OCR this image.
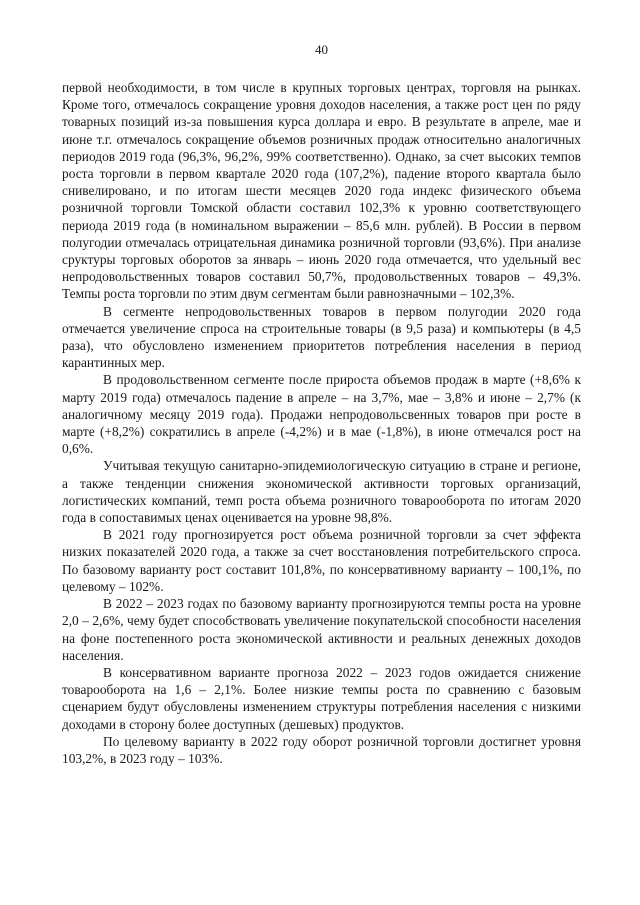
40

первой необходимости, в том числе в крупных торговых центрах, торговля на рынках. Кроме того, отмечалось сокращение уровня доходов населения, а также рост цен по ряду товарных позиций из-за повышения курса доллара и евро. В результате в апреле, мае и июне т.г. отмечалось сокращение объемов розничных продаж относительно аналогичных периодов 2019 года (96,3%, 96,2%, 99% соответственно). Однако, за счет высоких темпов роста торговли в первом квартале 2020 года (107,2%), падение второго квартала было снивелировано, и по итогам шести месяцев 2020 года индекс физического объема розничной торговли Томской области составил 102,3% к уровню соответствующего периода 2019 года (в номинальном выражении – 85,6 млн. рублей). В России в первом полугодии отмечалась отрицательная динамика розничной торговли (93,6%). При анализе сруктуры торговых оборотов за январь – июнь 2020 года отмечается, что удельный вес непродовольственных товаров составил 50,7%, продовольственных товаров – 49,3%. Темпы роста торговли по этим двум сегментам были равнозначными – 102,3%.

В сегменте непродовольственных товаров в первом полугодии 2020 года отмечается увеличение спроса на строительные товары (в 9,5 раза) и компьютеры (в 4,5 раза), что обусловлено изменением приоритетов потребления населения в период карантинных мер.

В продовольственном сегменте после прироста объемов продаж в марте (+8,6% к марту 2019 года) отмечалось падение в апреле – на 3,7%, мае – 3,8% и июне – 2,7% (к аналогичному месяцу 2019 года). Продажи непродовольсвенных товаров при росте в марте (+8,2%) сократились в апреле (-4,2%) и в мае (-1,8%), в июне отмечался рост на 0,6%.

Учитывая текущую санитарно-эпидемиологическую ситуацию в стране и регионе, а также тенденции снижения экономической активности торговых организаций, логистических компаний, темп роста объема розничного товарооборота по итогам 2020 года в сопоставимых ценах оценивается на уровне 98,8%.

В 2021 году прогнозируется рост объема розничной торговли за счет эффекта низких показателей 2020 года, а также за счет восстановления потребительского спроса. По базовому варианту рост составит 101,8%, по консервативному варианту – 100,1%, по целевому – 102%.

В 2022 – 2023 годах по базовому варианту прогнозируются темпы роста на уровне 2,0 – 2,6%, чему будет способствовать увеличение покупательской способности населения на фоне постепенного роста экономической активности и реальных денежных доходов населения.

В консервативном варианте прогноза 2022 – 2023 годов ожидается снижение товарооборота на 1,6 – 2,1%. Более низкие темпы роста по сравнению с базовым сценарием будут обусловлены изменением структуры потребления населения с низкими доходами в сторону более доступных (дешевых) продуктов.

По целевому варианту в 2022 году оборот розничной торговли достигнет уровня 103,2%, в 2023 году – 103%.
